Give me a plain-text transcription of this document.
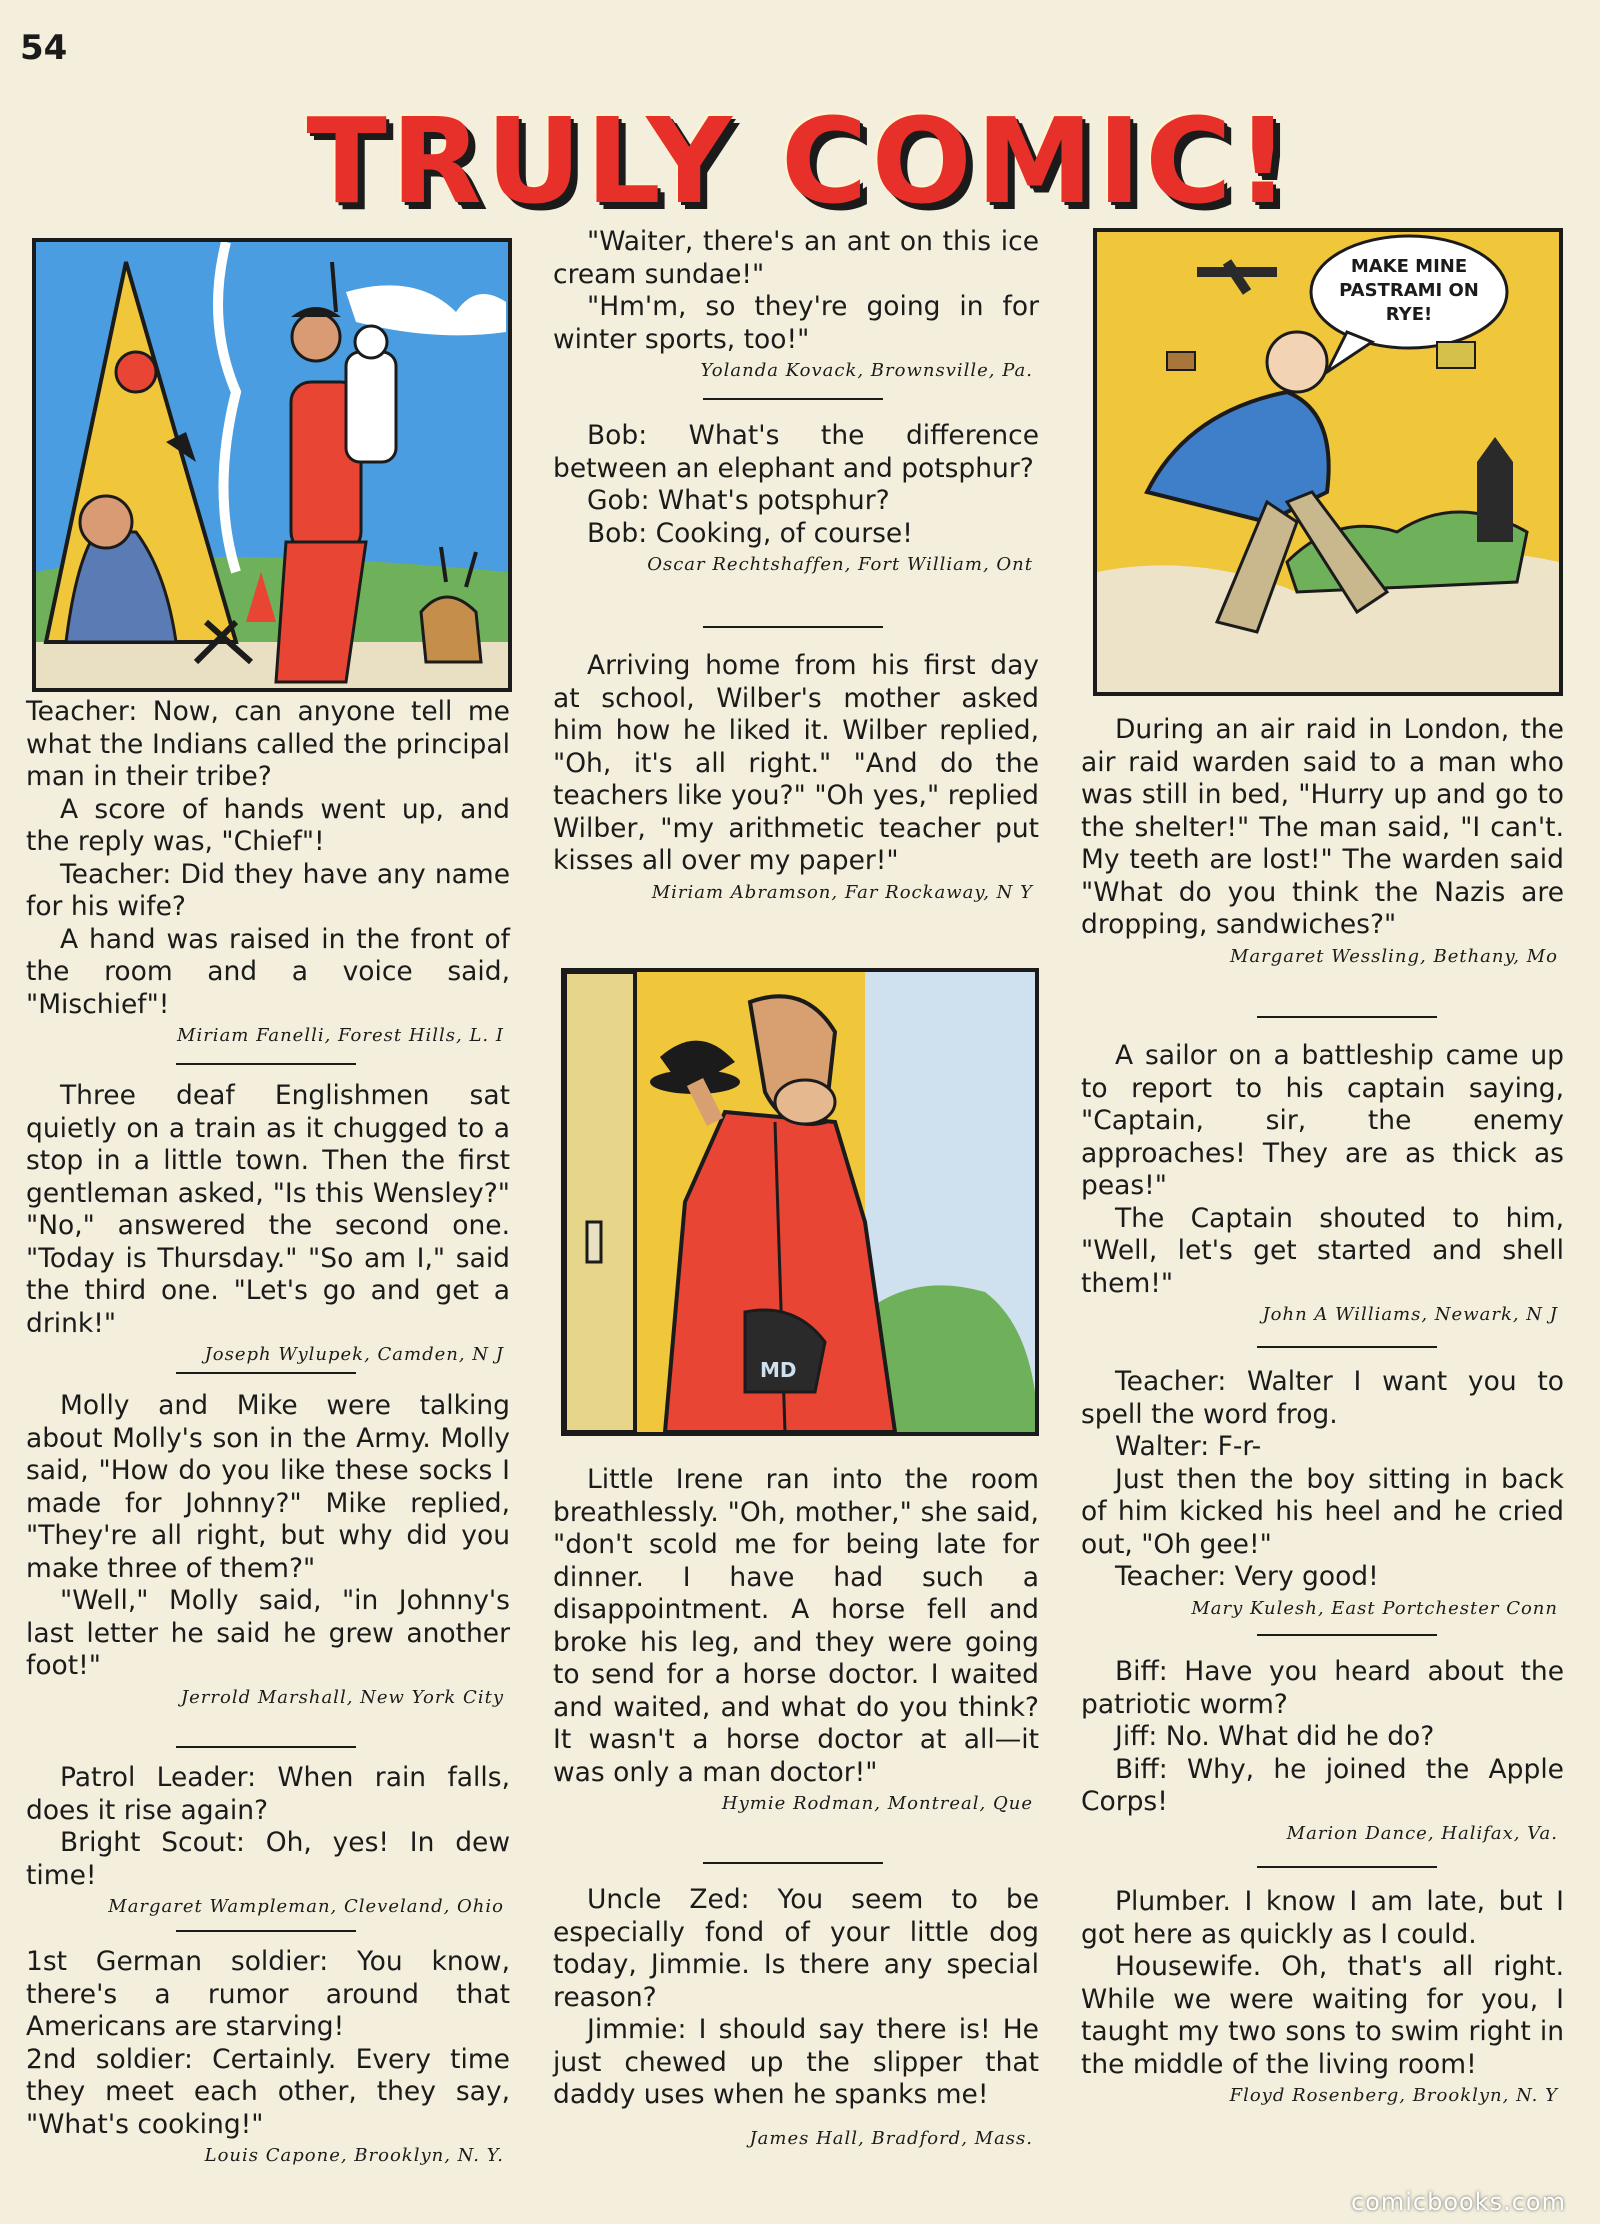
54
TRULY COMIC!

Teacher: Now, can anyone tell me what the Indians called the principal man in their tribe?

A score of hands went up, and the reply was, "Chief"!

Teacher: Did they have any name for his wife?

A hand was raised in the front of the room and a voice said, "Mischief"!

Miriam Fanelli, Forest Hills, L. I

Three deaf Englishmen sat quietly on a train as it chugged to a stop in a little town. Then the first gentleman asked, "Is this Wensley?" "No," answered the second one. "Today is Thursday." "So am I," said the third one. "Let's go and get a drink!"

Joseph Wylupek, Camden, N J

Molly and Mike were talking about Molly's son in the Army. Molly said, "How do you like these socks I made for Johnny?" Mike replied, "They're all right, but why did you make three of them?"

"Well," Molly said, "in Johnny's last letter he said he grew another foot!"

Jerrold Marshall, New York City

Patrol Leader: When rain falls, does it rise again?

Bright Scout: Oh, yes! In dew time!

Margaret Wampleman, Cleveland, Ohio

1st German soldier: You know, there's a rumor around that Americans are starving!

2nd soldier: Certainly. Every time they meet each other, they say, "What's cooking!"

Louis Capone, Brooklyn, N. Y.

"Waiter, there's an ant on this ice cream sundae!"

"Hm'm, so they're going in for winter sports, too!"

Yolanda Kovack, Brownsville, Pa.

Bob: What's the difference between an elephant and potsphur?

Gob: What's potsphur?

Bob: Cooking, of course!

Oscar Rechtshaffen, Fort William, Ont

Arriving home from his first day at school, Wilber's mother asked him how he liked it. Wilber replied, "Oh, it's all right." "And do the teachers like you?" "Oh yes," replied Wilber, "my arithmetic teacher put kisses all over my paper!"

Miriam Abramson, Far Rockaway, N Y
MD

Little Irene ran into the room breathlessly. "Oh, mother," she said, "don't scold me for being late for dinner. I have had such a disappointment. A horse fell and broke his leg, and they were going to send for a horse doctor. I waited and waited, and what do you think? It wasn't a horse doctor at all—it was only a man doctor!"

Hymie Rodman, Montreal, Que

Uncle Zed: You seem to be especially fond of your little dog today, Jimmie. Is there any special reason?

Jimmie: I should say there is! He just chewed up the slipper that daddy uses when he spanks me!

James Hall, Bradford, Mass.
MAKE MINE
PASTRAMI ON
RYE!

During an air raid in London, the air raid warden said to a man who was still in bed, "Hurry up and go to the shelter!" The man said, "I can't. My teeth are lost!" The warden said "What do you think the Nazis are dropping, sandwiches?"

Margaret Wessling, Bethany, Mo

A sailor on a battleship came up to report to his captain saying, "Captain, sir, the enemy approaches! They are as thick as peas!"

The Captain shouted to him, "Well, let's get started and shell them!"

John A Williams, Newark, N J

Teacher: Walter I want you to spell the word frog.

Walter: F-r-

Just then the boy sitting in back of him kicked his heel and he cried out, "Oh gee!"

Teacher: Very good!

Mary Kulesh, East Portchester Conn

Biff: Have you heard about the patriotic worm?

Jiff: No. What did he do?

Biff: Why, he joined the Apple Corps!

Marion Dance, Halifax, Va.

Plumber. I know I am late, but I got here as quickly as I could.

Housewife. Oh, that's all right. While we were waiting for you, I taught my two sons to swim right in the middle of the living room!

Floyd Rosenberg, Brooklyn, N. Y
comicbooks.com
